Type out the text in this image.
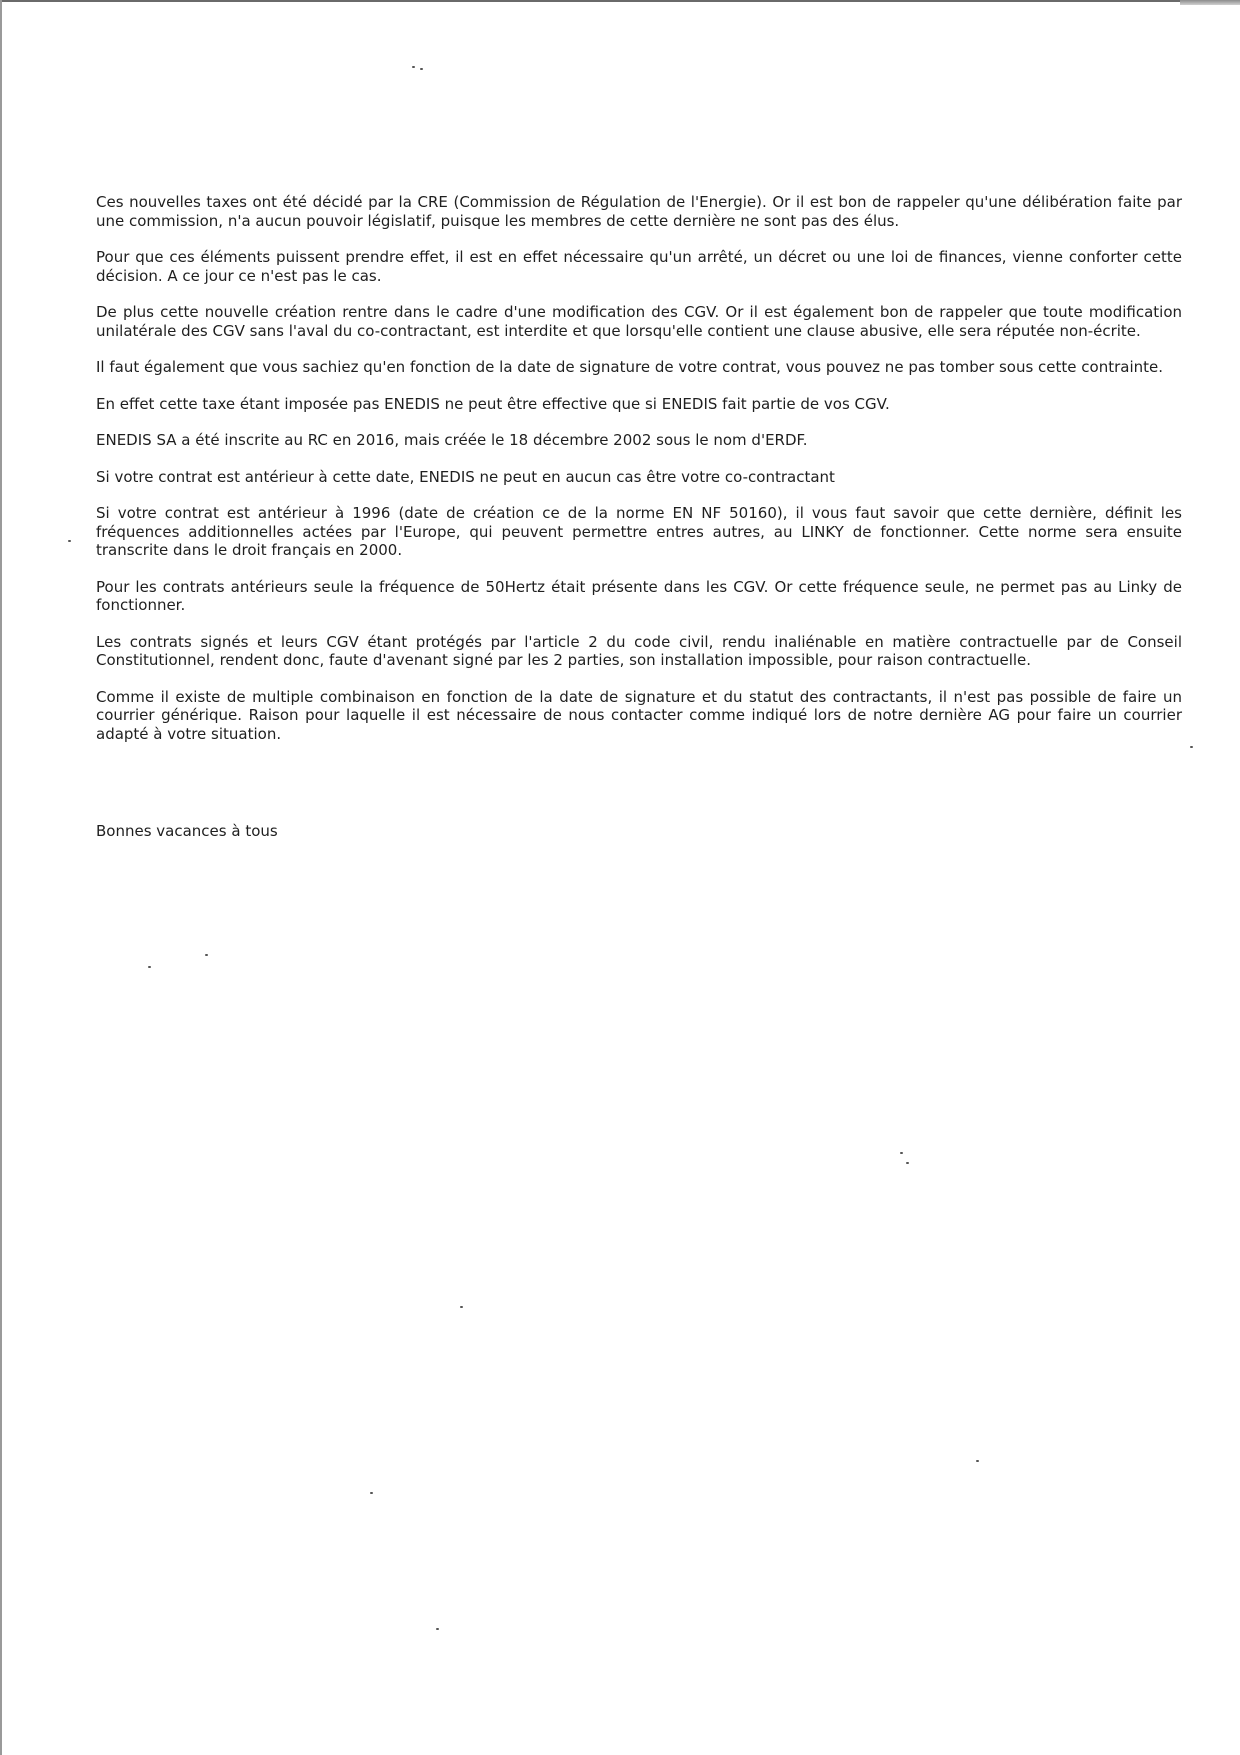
Ces nouvelles taxes ont été décidé par la CRE (Commission de Régulation de l'Energie). Or il est bon de rappeler qu'une délibération faite par une commission, n'a aucun pouvoir législatif, puisque les membres de cette dernière ne sont pas des élus.

Pour que ces éléments puissent prendre effet, il est en effet nécessaire qu'un arrêté, un décret ou une loi de finances, vienne conforter cette décision. A ce jour ce n'est pas le cas.

De plus cette nouvelle création rentre dans le cadre d'une modification des CGV. Or il est également bon de rappeler que toute modification unilatérale des CGV sans l'aval du co-contractant, est interdite et que lorsqu'elle contient une clause abusive, elle sera réputée non-écrite.

Il faut également que vous sachiez qu'en fonction de la date de signature de votre contrat, vous pouvez ne pas tomber sous cette contrainte.

En effet cette taxe étant imposée pas ENEDIS ne peut être effective que si ENEDIS fait partie de vos CGV.

ENEDIS SA a été inscrite au RC en 2016, mais créée le 18 décembre 2002 sous le nom d'ERDF.

Si votre contrat est antérieur à cette date, ENEDIS ne peut en aucun cas être votre co-contractant

Si votre contrat est antérieur à 1996 (date de création ce de la norme EN NF 50160), il vous faut savoir que cette dernière, définit les fréquences additionnelles actées par l'Europe, qui peuvent permettre entres autres, au LINKY de fonctionner. Cette norme sera ensuite transcrite dans le droit français en 2000.

Pour les contrats antérieurs seule la fréquence de 50Hertz était présente dans les CGV. Or cette fréquence seule, ne permet pas au Linky de fonctionner.

Les contrats signés et leurs CGV étant protégés par l'article 2 du code civil, rendu inaliénable en matière contractuelle par de Conseil Constitutionnel, rendent donc, faute d'avenant signé par les 2 parties, son installation impossible, pour raison contractuelle.

Comme il existe de multiple combinaison en fonction de la date de signature et du statut des contractants, il n'est pas possible de faire un courrier générique. Raison pour laquelle il est nécessaire de nous contacter comme indiqué lors de notre dernière AG pour faire un courrier adapté à votre situation.

Bonnes vacances à tous
